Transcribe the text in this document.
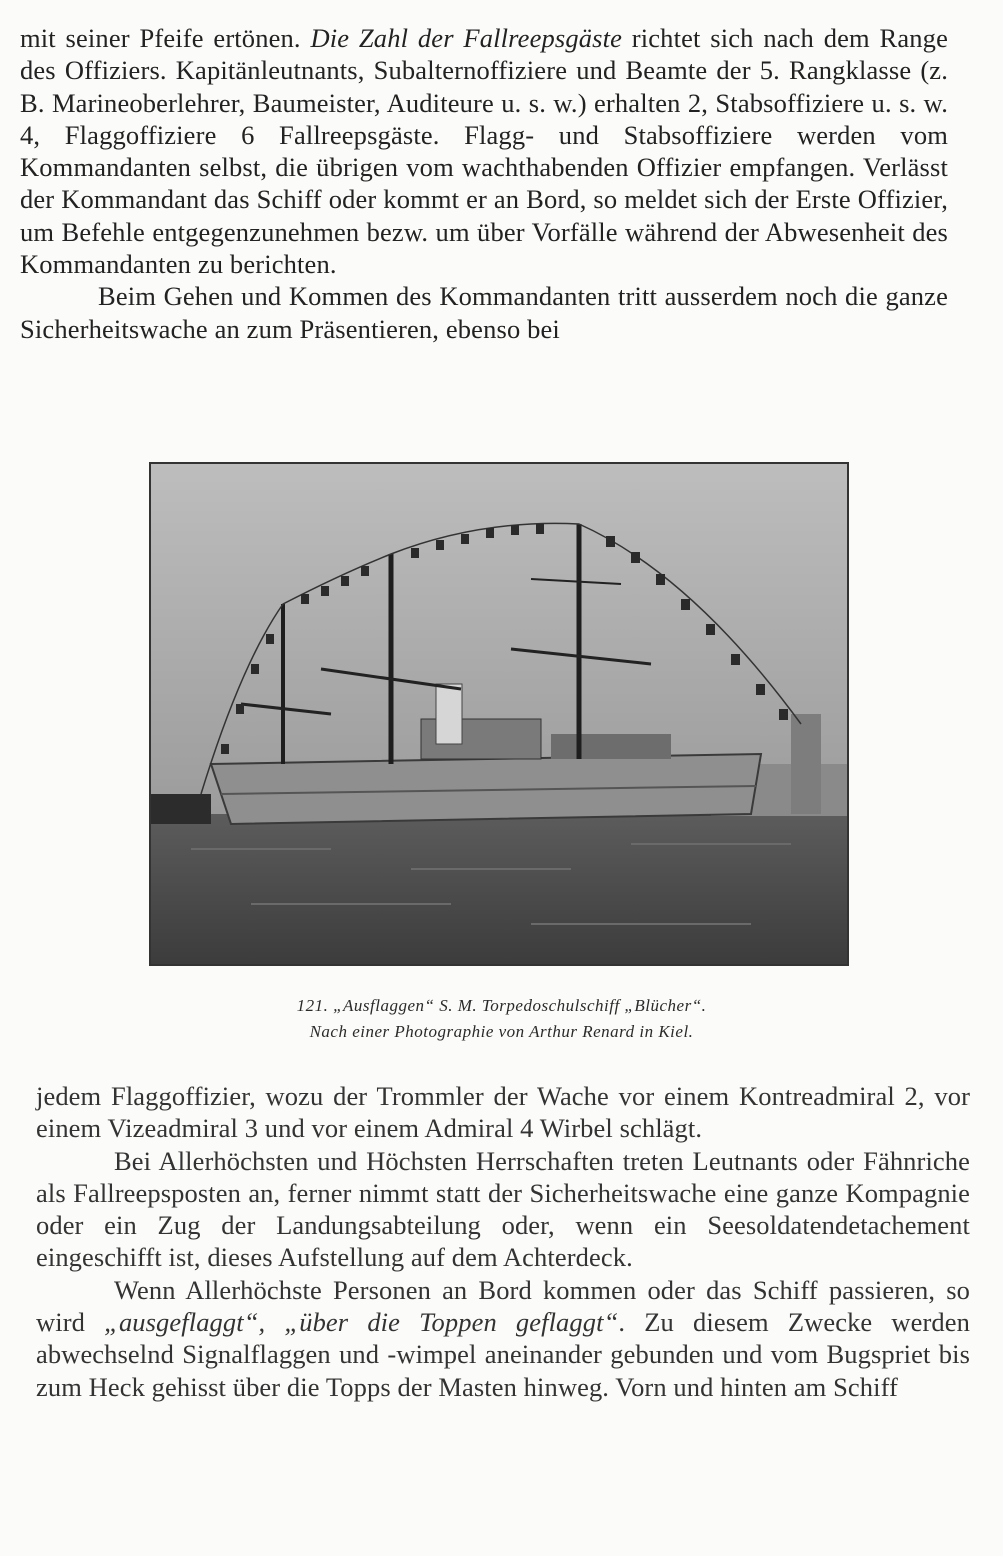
mit seiner Pfeife ertönen. Die Zahl der Fallreepsgäste richtet sich nach dem Range des Offiziers. Kapitänleutnants, Subalternoffiziere und Beamte der 5. Rangklasse (z. B. Marineoberlehrer, Baumeister, Auditeure u. s. w.) erhalten 2, Stabsoffiziere u. s. w. 4, Flaggoffiziere 6 Fallreepsgäste. Flagg- und Stabsoffiziere werden vom Kommandanten selbst, die übrigen vom wachthabenden Offizier empfangen. Verlässt der Kommandant das Schiff oder kommt er an Bord, so meldet sich der Erste Offizier, um Befehle entgegenzunehmen bezw. um über Vorfälle während der Abwesenheit des Kommandanten zu berichten.

Beim Gehen und Kommen des Kommandanten tritt ausserdem noch die ganze Sicherheitswache an zum Präsentieren, ebenso bei

121. „Ausflaggen“ S. M. Torpedoschulschiff „Blücher“.
Nach einer Photographie von Arthur Renard in Kiel.

jedem Flaggoffizier, wozu der Trommler der Wache vor einem Kontreadmiral 2, vor einem Vizeadmiral 3 und vor einem Admiral 4 Wirbel schlägt.

Bei Allerhöchsten und Höchsten Herrschaften treten Leutnants oder Fähnriche als Fallreepsposten an, ferner nimmt statt der Sicherheitswache eine ganze Kompagnie oder ein Zug der Landungsabteilung oder, wenn ein Seesoldatendetachement eingeschifft ist, dieses Aufstellung auf dem Achterdeck.

Wenn Allerhöchste Personen an Bord kommen oder das Schiff passieren, so wird „ausgeflaggt“, „über die Toppen geflaggt“. Zu diesem Zwecke werden abwechselnd Signalflaggen und -wimpel aneinander gebunden und vom Bugspriet bis zum Heck gehisst über die Topps der Masten hinweg. Vorn und hinten am Schiff
